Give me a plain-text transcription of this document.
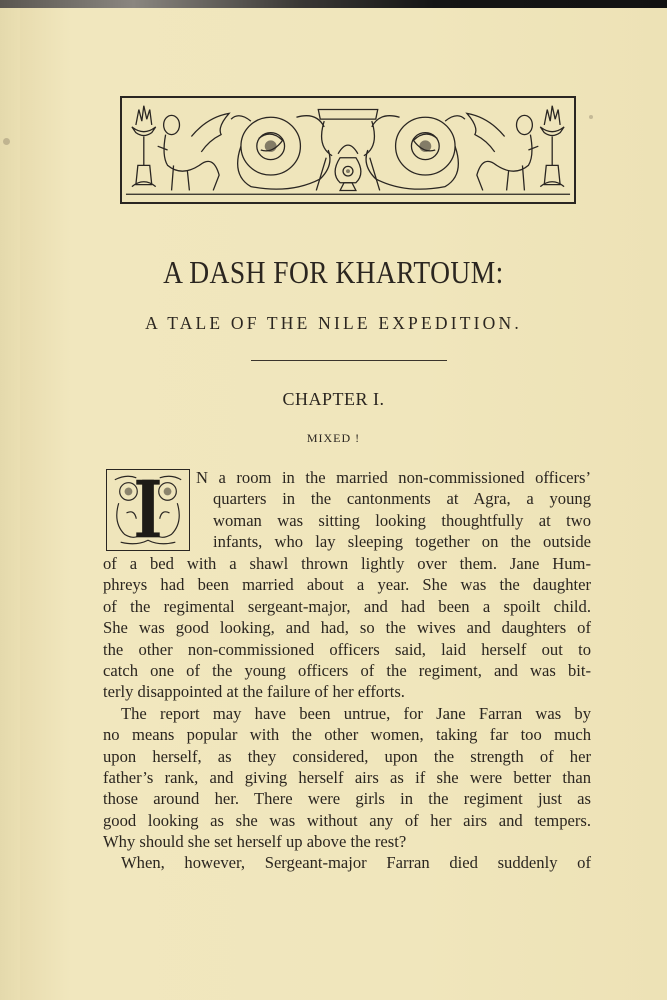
A DASH FOR KHARTOUM:
A TALE OF THE NILE EXPEDITION.
CHAPTER I.
MIXED !
N a room in the married non-commissioned officers’
quarters in the cantonments at Agra, a young
woman was sitting looking thoughtfully at two
infants, who lay sleeping together on the outside
of a bed with a shawl thrown lightly over them. Jane Hum-
phreys had been married about a year. She was the daughter
of the regimental sergeant-major, and had been a spoilt child.
She was good looking, and had, so the wives and daughters of
the other non-commissioned officers said, laid herself out to
catch one of the young officers of the regiment, and was bit-
terly disappointed at the failure of her efforts.
The report may have been untrue, for Jane Farran was by
no means popular with the other women, taking far too much
upon herself, as they considered, upon the strength of her
father’s rank, and giving herself airs as if she were better than
those around her. There were girls in the regiment just as
good looking as she was without any of her airs and tempers.
Why should she set herself up above the rest?
When, however, Sergeant-major Farran died suddenly of
